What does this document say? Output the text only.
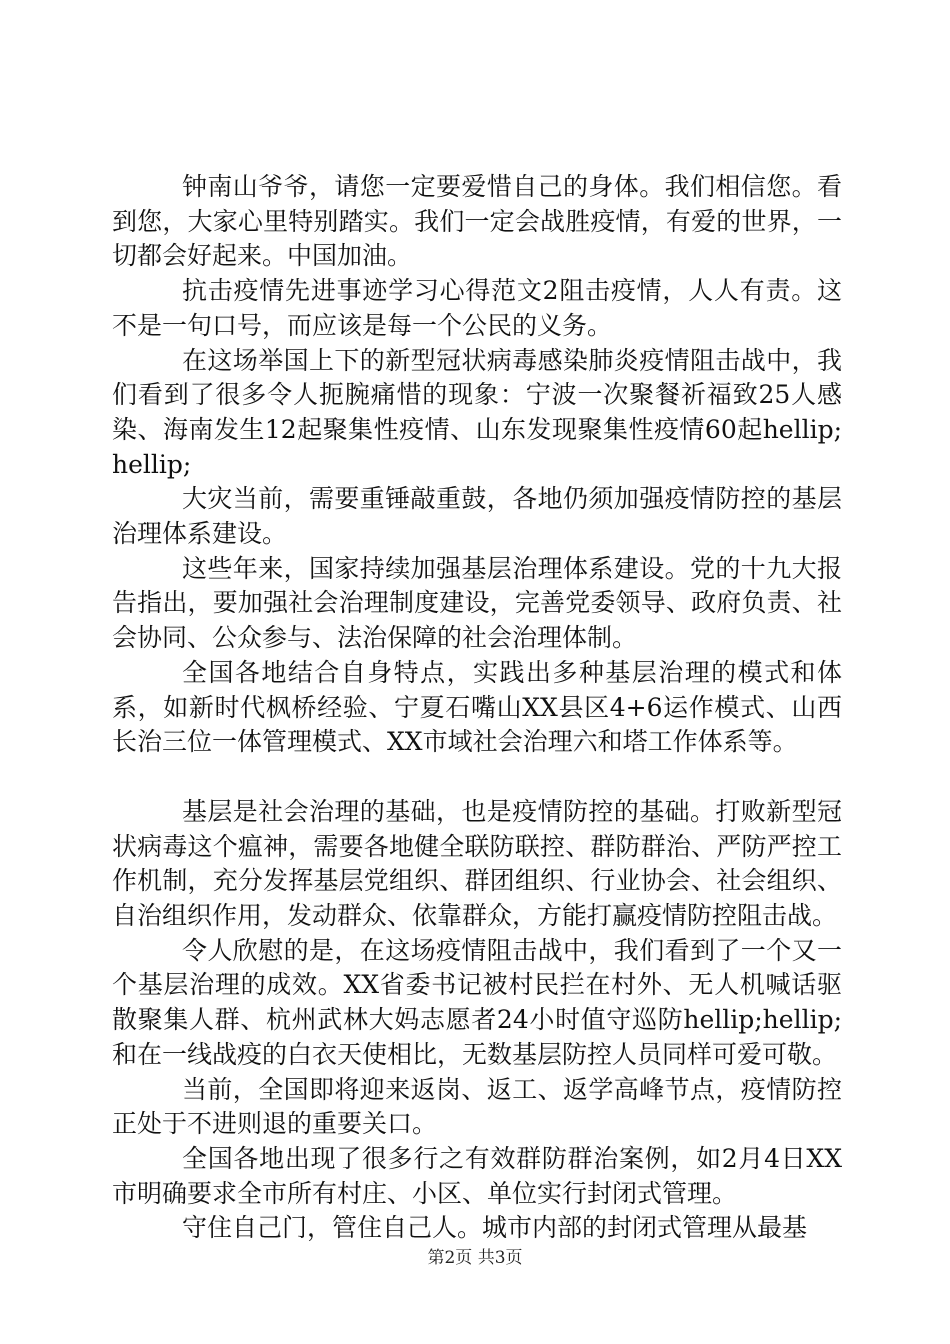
钟南山爷爷，请您一定要爱惜自己的身体。我们相信您。看到您，大家心里特别踏实。我们一定会战胜疫情，有爱的世界，一切都会好起来。中国加油。

抗击疫情先进事迹学习心得范文2阻击疫情，人人有责。这不是一句口号，而应该是每一个公民的义务。

在这场举国上下的新型冠状病毒感染肺炎疫情阻击战中，我们看到了很多令人扼腕痛惜的现象：宁波一次聚餐祈福致25人感染、海南发生12起聚集性疫情、山东发现聚集性疫情60起hellip;hellip;

大灾当前，需要重锤敲重鼓，各地仍须加强疫情防控的基层治理体系建设。

这些年来，国家持续加强基层治理体系建设。党的十九大报告指出，要加强社会治理制度建设，完善党委领导、政府负责、社会协同、公众参与、法治保障的社会治理体制。

全国各地结合自身特点，实践出多种基层治理的模式和体系，如新时代枫桥经验、宁夏石嘴山XX县区4+6运作模式、山西长治三位一体管理模式、XX市域社会治理六和塔工作体系等。

基层是社会治理的基础，也是疫情防控的基础。打败新型冠状病毒这个瘟神，需要各地健全联防联控、群防群治、严防严控工作机制，充分发挥基层党组织、群团组织、行业协会、社会组织、自治组织作用，发动群众、依靠群众，方能打赢疫情防控阻击战。

令人欣慰的是，在这场疫情阻击战中，我们看到了一个又一个基层治理的成效。XX省委书记被村民拦在村外、无人机喊话驱散聚集人群、杭州武林大妈志愿者24小时值守巡防hellip;hellip;和在一线战疫的白衣天使相比，无数基层防控人员同样可爱可敬。

当前，全国即将迎来返岗、返工、返学高峰节点，疫情防控正处于不进则退的重要关口。

全国各地出现了很多行之有效群防群治案例，如2月4日XX市明确要求全市所有村庄、小区、单位实行封闭式管理。

守住自己门，管住自己人。城市内部的封闭式管理从最基

第2页 共3页
